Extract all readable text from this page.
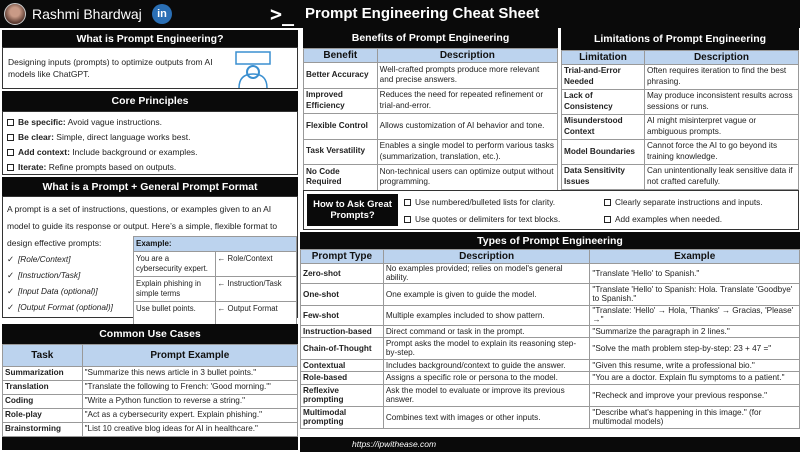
Rashmi Bhardwaj	in	>_ Prompt Engineering Cheat Sheet
What is Prompt Engineering?
Designing inputs (prompts) to optimize outputs from AI models like ChatGPT.
Core Principles
Be specific: Avoid vague instructions.
Be clear: Simple, direct language works best.
Add context: Include background or examples.
Iterate: Refine prompts based on outputs.
What is a Prompt + General Prompt Format
A prompt is a set of instructions, questions, or examples given to an AI model to guide its response or output. Here’s a simple, flexible format to design effective prompts:
✓ [Role/Context]
✓ [Instruction/Task]
✓ [Input Data (optional)]
✓ [Output Format (optional)]
Example:	
You are a cybersecurity expert.	← Role/Context
Explain phishing in simple terms	← Instruction/Task
Use bullet points.	← Output Format
Common Use Cases
Task	Prompt Example
Summarization	"Summarize this news article in 3 bullet points."
Translation	"Translate the following to French: 'Good morning.'"
Coding	"Write a Python function to reverse a string."
Role-play	"Act as a cybersecurity expert. Explain phishing."
Brainstorming	"List 10 creative blog ideas for AI in healthcare."
Benefits of Prompt Engineering
Benefit	Description
Better Accuracy	Well-crafted prompts produce more relevant and precise answers.
Improved Efficiency	Reduces the need for repeated refinement or trial-and-error.
Flexible Control	Allows customization of AI behavior and tone.
Task Versatility	Enables a single model to perform various tasks (summarization, translation, etc.).
No Code Required	Non-technical users can optimize output without programming.
Limitations of Prompt Engineering
Limitation	Description
Trial-and-Error Needed	Often requires iteration to find the best phrasing.
Lack of Consistency	May produce inconsistent results across sessions or runs.
Misunderstood Context	AI might misinterpret vague or ambiguous prompts.
Model Boundaries	Cannot force the AI to go beyond its training knowledge.
Data Sensitivity Issues	Can unintentionally leak sensitive data if not crafted carefully.
How to Ask Great Prompts?
Use numbered/bulleted lists for clarity.	Clearly separate instructions and inputs.
Use quotes or delimiters for text blocks.	Add examples when needed.
Types of Prompt Engineering
Prompt Type	Description	Example
Zero-shot	No examples provided; relies on model's general ability.	"Translate 'Hello' to Spanish."
One-shot	One example is given to guide the model.	"Translate 'Hello' to Spanish: Hola. Translate 'Goodbye' to Spanish."
Few-shot	Multiple examples included to show pattern.	"Translate: 'Hello' → Hola, 'Thanks' → Gracias, 'Please' →"
Instruction-based	Direct command or task in the prompt.	"Summarize the paragraph in 2 lines."
Chain-of-Thought	Prompt asks the model to explain its reasoning step-by-step.	"Solve the math problem step-by-step: 23 + 47 ="
Contextual	Includes background/context to guide the answer.	"Given this resume, write a professional bio."
Role-based	Assigns a specific role or persona to the model.	"You are a doctor. Explain flu symptoms to a patient."
Reflexive prompting	Ask the model to evaluate or improve its previous answer.	"Recheck and improve your previous response."
Multimodal prompting	Combines text with images or other inputs.	"Describe what's happening in this image." (for multimodal models)
https://ipwithease.com
